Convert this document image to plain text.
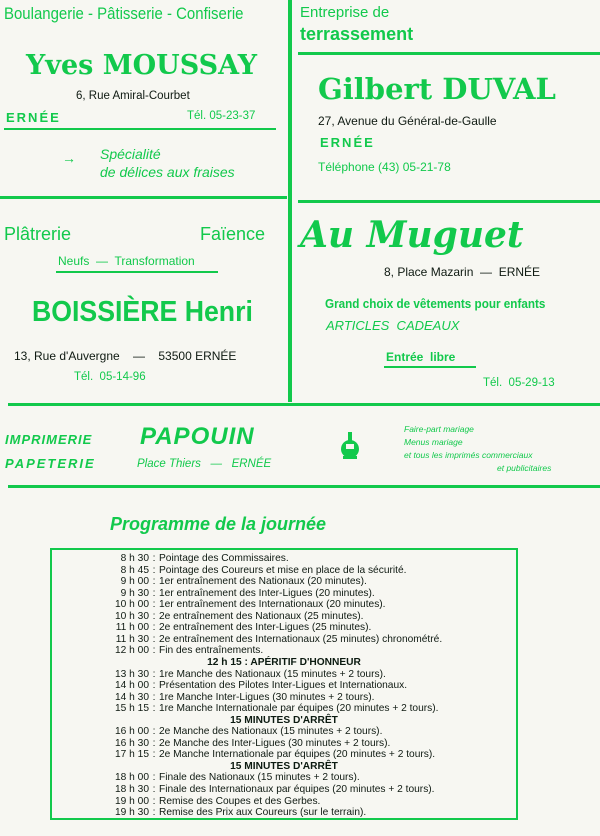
Boulangerie - Pâtisserie - Confiserie
Yves MOUSSAY
6, Rue Amiral-Courbet
ERNÉE	Tél. 05-23-37
→ Spécialité
de délices aux fraises
Entreprise de
terrassement
Gilbert DUVAL
27, Avenue du Général-de-Gaulle
ERNÉE
Téléphone (43) 05-21-78
Plâtrerie	Faïence
Neufs  —  Transformation
BOISSIÈRE Henri
13, Rue d'Auvergne    —    53500 ERNÉE
Tél.  05-14-96
Au Muguet
8, Place Mazarin  —  ERNÉE
Grand choix de vêtements pour enfants
ARTICLES  CADEAUX
Entrée  libre
Tél.  05-29-13
IMPRIMERIE
PAPETERIE
PAPOUIN
Place Thiers   —   ERNÉE
Faire-part mariage
Menus mariage
et tous les imprimés commerciaux
et publicitaires
Programme de la journée
8 h 30 : Pointage des Commissaires.
8 h 45 : Pointage des Coureurs et mise en place de la sécurité.
9 h 00 : 1er entraînement des Nationaux (20 minutes).
9 h 30 : 1er entraînement des Inter-Ligues (20 minutes).
10 h 00 : 1er entraînement des Internationaux (20 minutes).
10 h 30 : 2e entraînement des Nationaux (25 minutes).
11 h 00 : 2e entraînement des Inter-Ligues (25 minutes).
11 h 30 : 2e entraînement des Internationaux (25 minutes) chronométré.
12 h 00 : Fin des entraînements.
12 h 15 : APÉRITIF D'HONNEUR
13 h 30 : 1re Manche des Nationaux (15 minutes + 2 tours).
14 h 00 : Présentation des Pilotes Inter-Ligues et Internationaux.
14 h 30 : 1re Manche Inter-Ligues (30 minutes + 2 tours).
15 h 15 : 1re Manche Internationale par équipes (20 minutes + 2 tours).
15 MINUTES D'ARRÊT
16 h 00 : 2e Manche des Nationaux (15 minutes + 2 tours).
16 h 30 : 2e Manche des Inter-Ligues (30 minutes + 2 tours).
17 h 15 : 2e Manche Internationale par équipes (20 minutes + 2 tours).
15 MINUTES D'ARRÊT
18 h 00 : Finale des Nationaux (15 minutes + 2 tours).
18 h 30 : Finale des Internationaux par équipes (20 minutes + 2 tours).
19 h 00 : Remise des Coupes et des Gerbes.
19 h 30 : Remise des Prix aux Coureurs (sur le terrain).
